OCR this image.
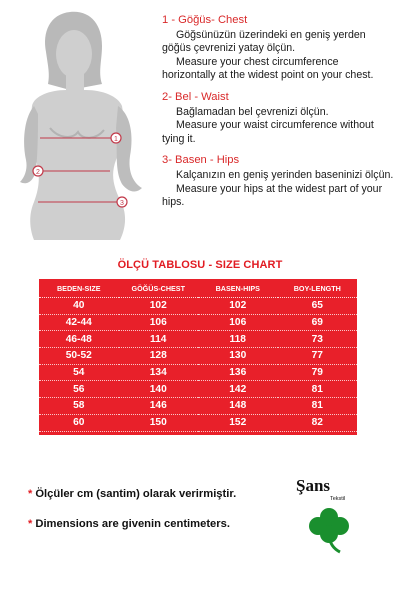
1
2
3
1 - Göğüs- Chest
Göğsünüzün üzerindeki en geniş yerden göğüs çevrenizi yatay ölçün.
Measure your chest circumference horizontally at the widest point on your chest.
2- Bel - Waist
Bağlamadan bel çevrenizi ölçün.
Measure your waist circumference without tying it.
3- Basen - Hips
Kalçanızın en geniş yerinden baseninizi ölçün.
Measure your hips at the widest part of your hips.
ÖLÇÜ TABLOSU - SIZE CHART
BEDEN-SIZE	GÖĞÜS-CHEST	BASEN-HIPS	BOY-LENGTH
40	102	102	65
42-44	106	106	69
46-48	114	118	73
50-52	128	130	77
54	134	136	79
56	140	142	81
58	146	148	81
60	150	152	82
62	156	158	82
* Ölçüler cm (santim) olarak verirmiştir.
* Dimensions are givenin centimeters.
Şans
Tekstil
